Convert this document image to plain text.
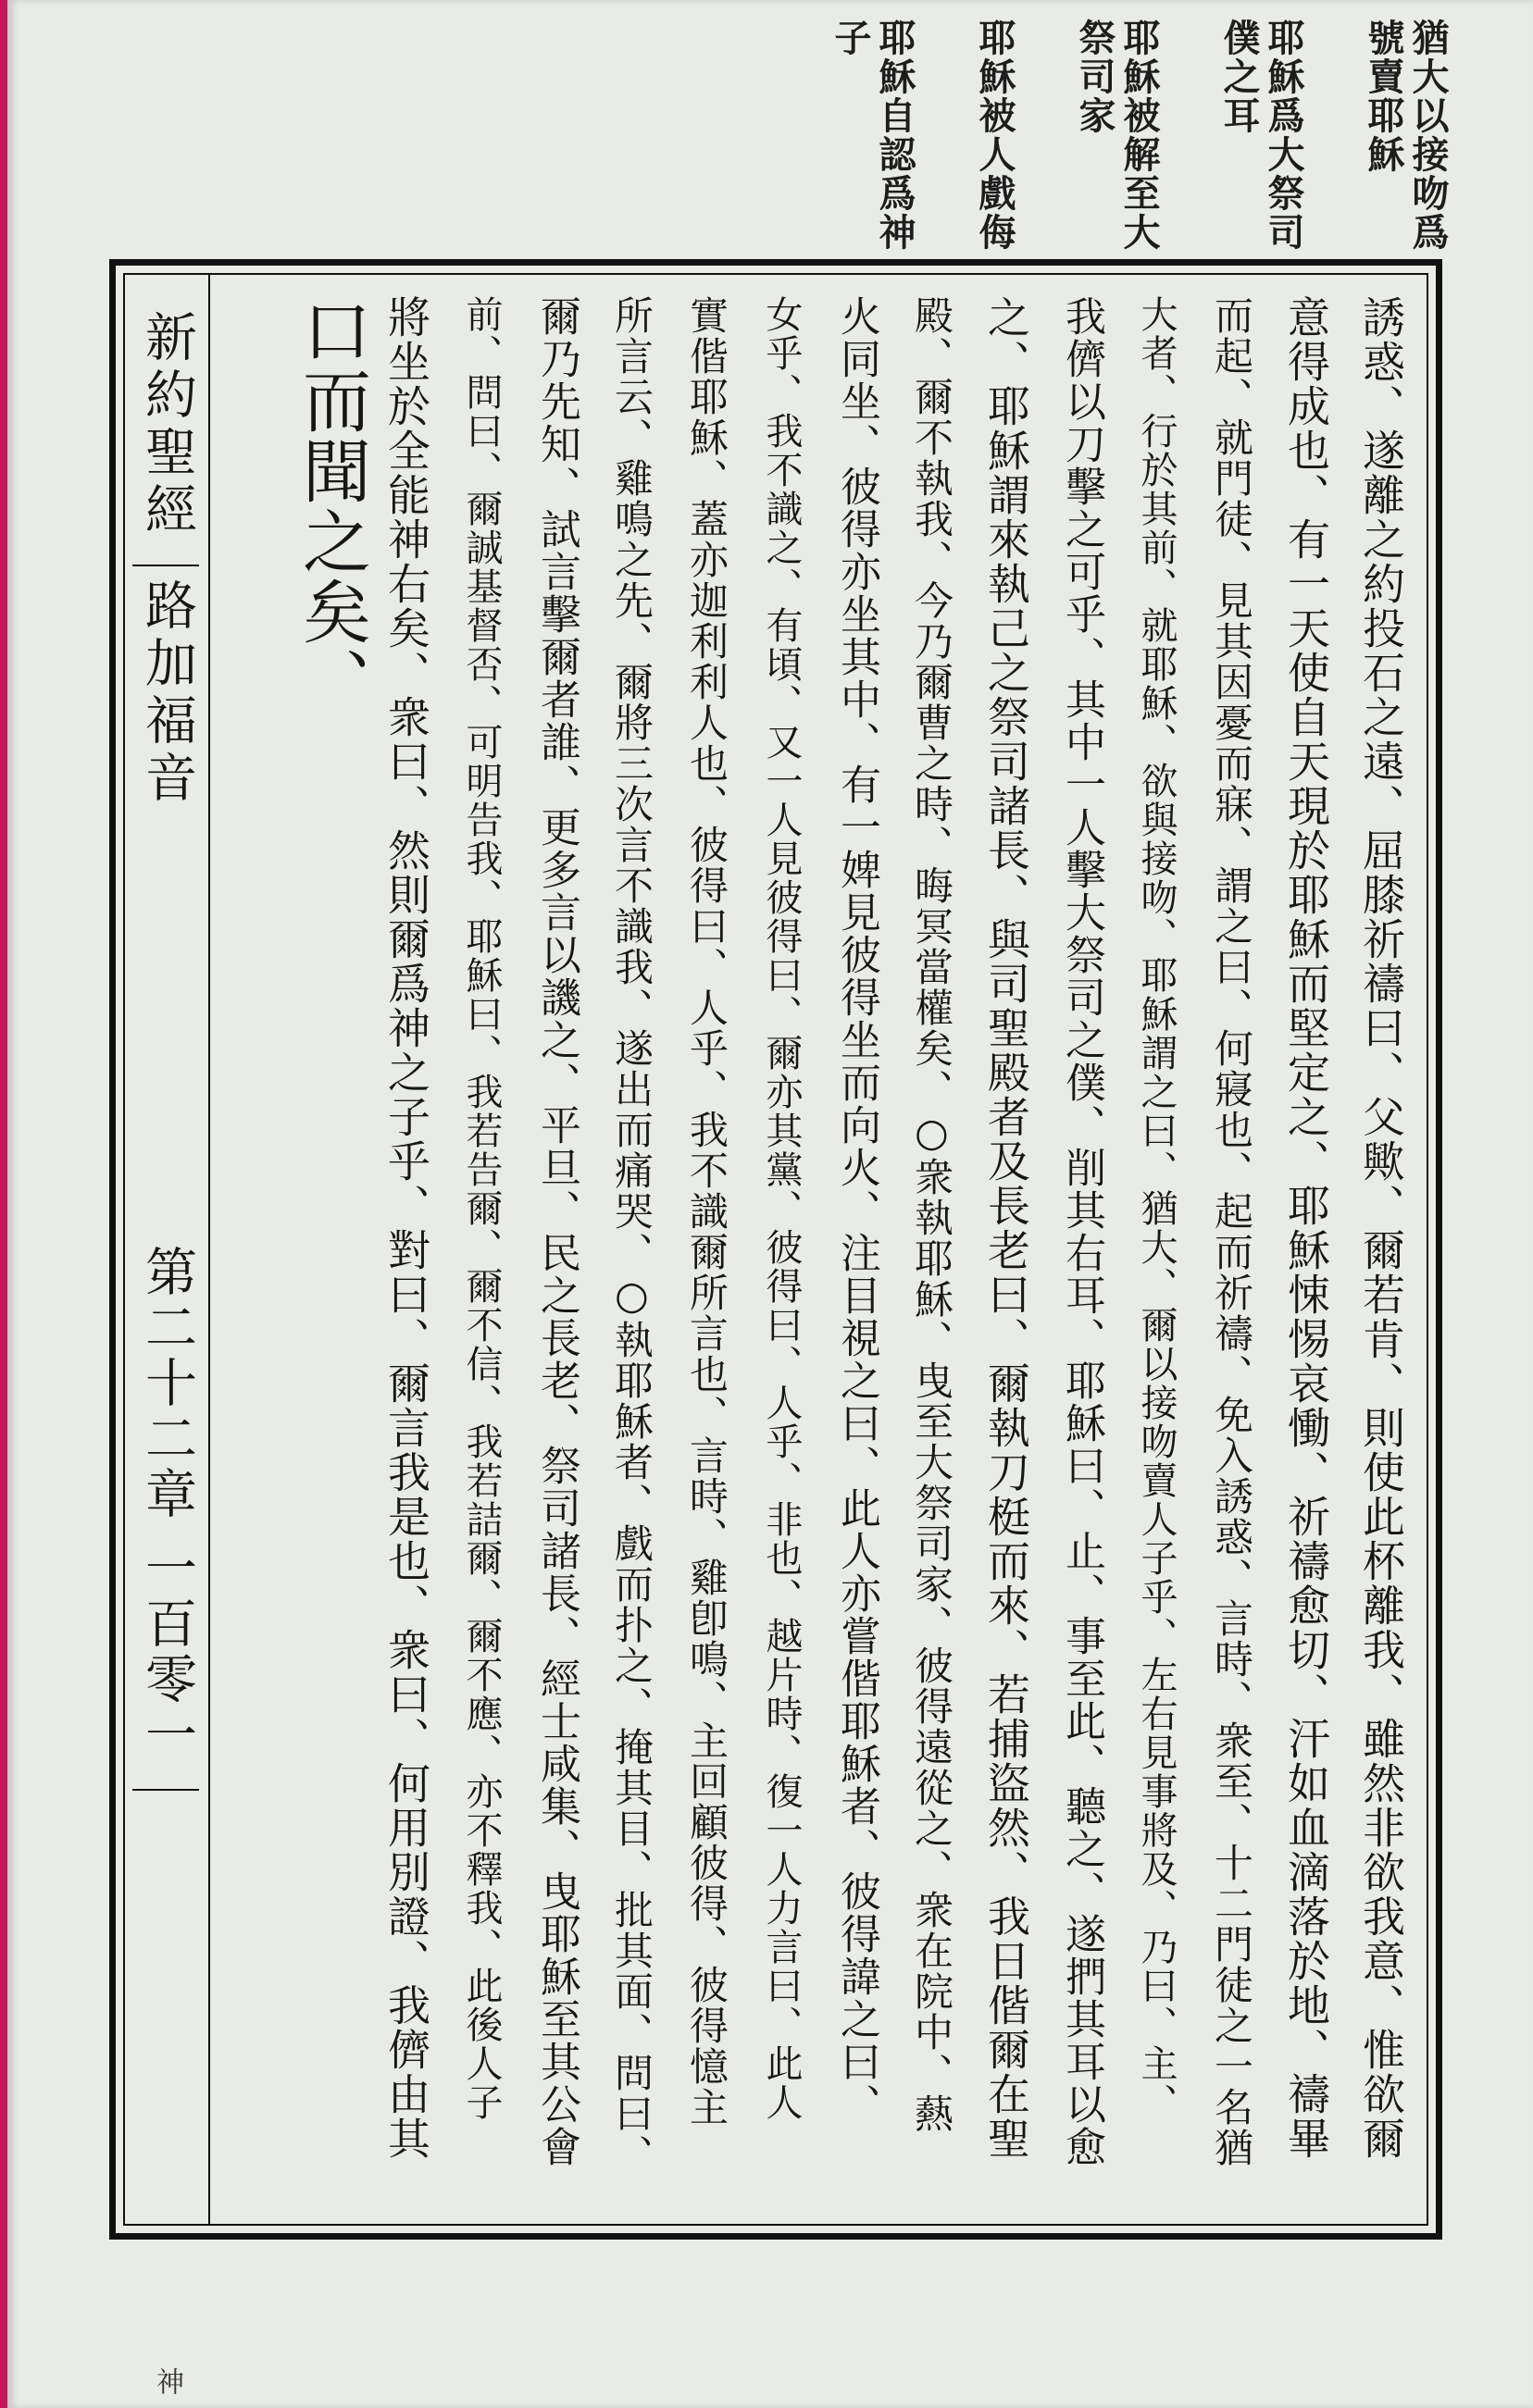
猶大以接吻爲號賣耶穌
耶穌爲大祭司僕之耳
耶穌被解至大祭司家
耶穌被人戲侮
耶穌自認爲神子
新約聖經
路加福音
第二十二章
一百零一	誘惑、遂離之約投石之遠、屈膝祈禱曰、父歟、爾若肯、則使此杯離我、雖然非欲我意、惟欲爾
意得成也、有一天使自天現於耶穌而堅定之、耶穌悚惕哀慟、祈禱愈切、汗如血滴落於地、禱畢
而起、就門徒、見其因憂而寐、謂之曰、何寢也、起而祈禱、免入誘惑、言時、衆至、十二門徒之一名猶
大者、行於其前、就耶穌、欲與接吻、耶穌謂之曰、猶大、爾以接吻賣人子乎、左右見事將及、乃曰、主、
我儕以刀擊之可乎、其中一人擊大祭司之僕、削其右耳、耶穌曰、止、事至此、聽之、遂捫其耳以愈
之、耶穌謂來執己之祭司諸長、與司聖殿者及長老曰、爾執刀梃而來、若捕盜然、我日偕爾在聖
殿、爾不執我、今乃爾曹之時、晦冥當權矣、○衆執耶穌、曳至大祭司家、彼得遠從之、衆在院中、爇
火同坐、彼得亦坐其中、有一婢見彼得坐而向火、注目視之曰、此人亦嘗偕耶穌者、彼得諱之曰、
女乎、我不識之、有頃、又一人見彼得曰、爾亦其黨、彼得曰、人乎、非也、越片時、復一人力言曰、此人
實偕耶穌、蓋亦迦利利人也、彼得曰、人乎、我不識爾所言也、言時、雞卽鳴、主回顧彼得、彼得憶主
所言云、雞鳴之先、爾將三次言不識我、遂出而痛哭、○執耶穌者、戲而扑之、掩其目、批其面、問曰、
爾乃先知、試言擊爾者誰、更多言以譏之、平旦、民之長老、祭司諸長、經士咸集、曳耶穌至其公會
前、問曰、爾誠基督否、可明告我、耶穌曰、我若告爾、爾不信、我若詰爾、爾不應、亦不釋我、此後人子
將坐於全能神右矣、衆曰、然則爾爲神之子乎、對曰、爾言我是也、衆曰、何用別證、我儕由其
口而聞之矣、
神
